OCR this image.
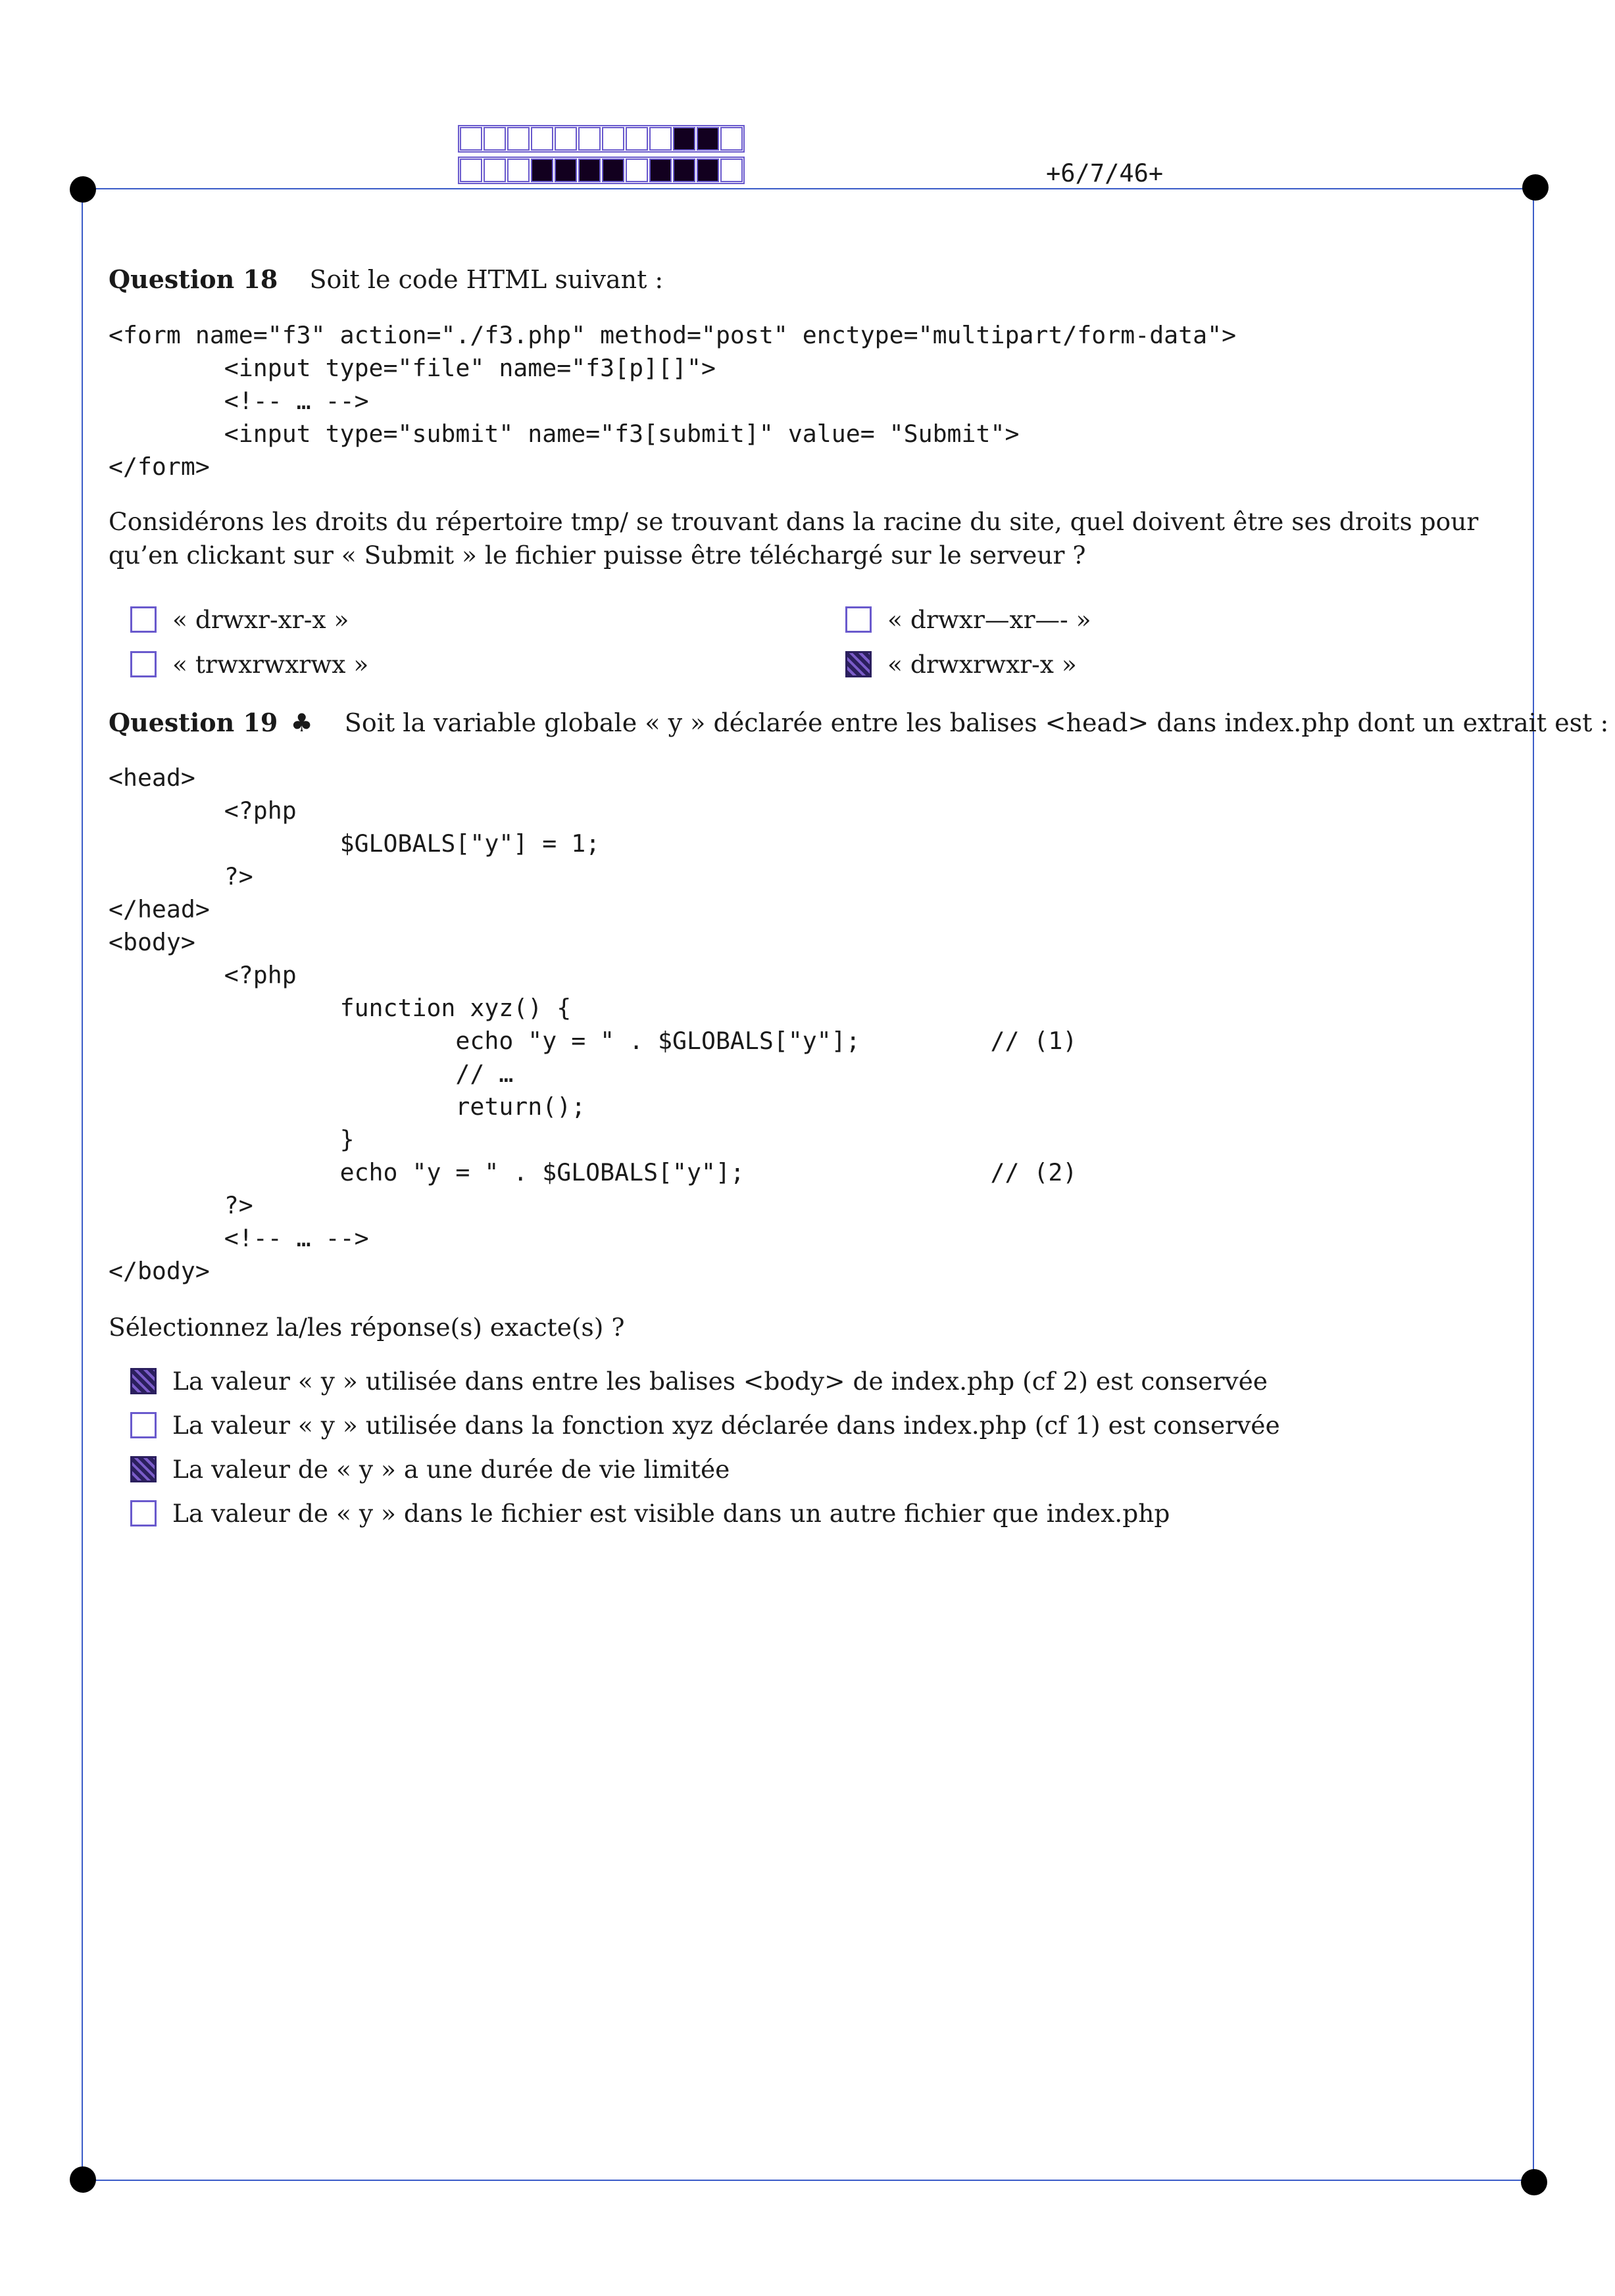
+6/7/46+
Question 18 Soit le code HTML suivant :
<form name="f3" action="./f3.php" method="post" enctype="multipart/form-data">
<input type="file" name="f3[p][]">
<!-- … -->
<input type="submit" name="f3[submit]" value= "Submit">
</form>
Considérons les droits du répertoire tmp/ se trouvant dans la racine du site, quel doivent être ses droits pour qu’en clickant sur « Submit » le fichier puisse être téléchargé sur le serveur ?
« drwxr-xr-x »	« drwxr—xr—- »
« trwxrwxrwx »	« drwxrwxr-x »
Question 19 ♣ Soit la variable globale « y » déclarée entre les balises <head> dans index.php dont un extrait est :
<head>
<?php
$GLOBALS["y"] = 1;
?>
</head>
<body>
<?php
function xyz() {
echo "y = " . $GLOBALS["y"];         // (1)
// …
return();
}
echo "y = " . $GLOBALS["y"];                 // (2)
?>
<!-- … -->
</body>
Sélectionnez la/les réponse(s) exacte(s) ?
La valeur « y » utilisée dans entre les balises <body> de index.php (cf 2) est conservée
La valeur « y » utilisée dans la fonction xyz déclarée dans index.php (cf 1) est conservée
La valeur de « y » a une durée de vie limitée
La valeur de « y » dans le fichier est visible dans un autre fichier que index.php
